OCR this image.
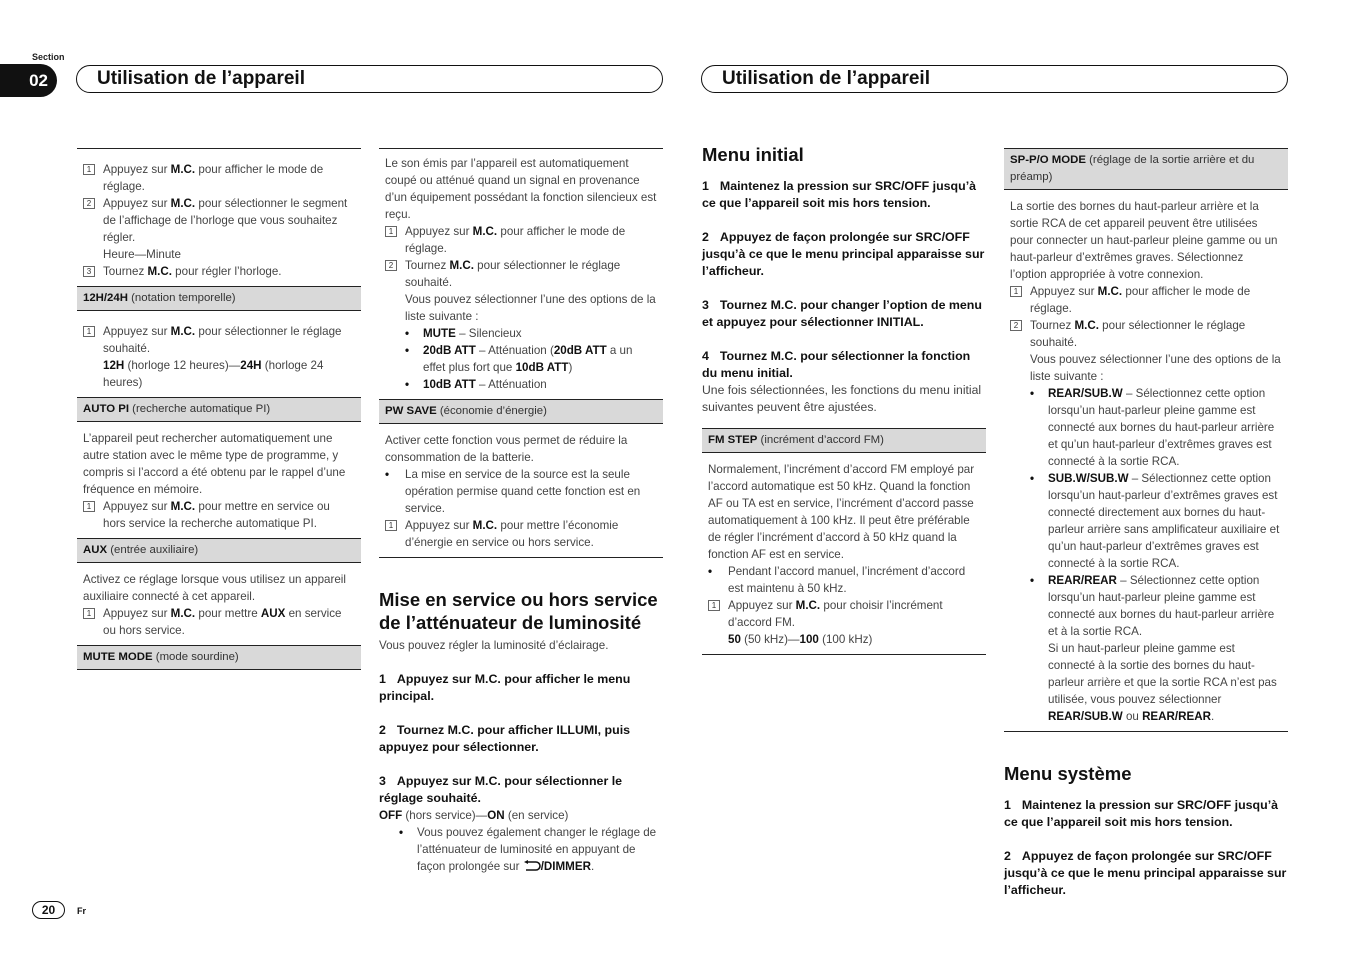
Section
02	Utilisation de l’appareil	Utilisation de l’appareil
1	Appuyez sur M.C. pour afficher le mode de réglage.
2	Appuyez sur M.C. pour sélectionner le segment de l’affichage de l’horloge que vous souhaitez régler.
Heure—Minute
3	Tournez M.C. pour régler l’horloge.
12H/24H (notation temporelle)
1	Appuyez sur M.C. pour sélectionner le réglage souhaité.
12H (horloge 12 heures)—24H (horloge 24 heures)
AUTO PI (recherche automatique PI)
L’appareil peut rechercher automatiquement une autre station avec le même type de programme, y compris si l’accord a été obtenu par le rappel d’une fréquence en mémoire.
1	Appuyez sur M.C. pour mettre en service ou hors service la recherche automatique PI.
AUX (entrée auxiliaire)
Activez ce réglage lorsque vous utilisez un appareil auxiliaire connecté à cet appareil.
1	Appuyez sur M.C. pour mettre AUX en service ou hors service.
MUTE MODE (mode sourdine)
Le son émis par l’appareil est automatiquement coupé ou atténué quand un signal en provenance d’un équipement possédant la fonction silencieux est reçu.
1	Appuyez sur M.C. pour afficher le mode de réglage.
2	Tournez M.C. pour sélectionner le réglage souhaité.
Vous pouvez sélectionner l’une des options de la liste suivante :
•	MUTE – Silencieux
•	20dB ATT – Atténuation (20dB ATT a un effet plus fort que 10dB ATT)
•	10dB ATT – Atténuation
PW SAVE (économie d’énergie)
Activer cette fonction vous permet de réduire la consommation de la batterie.
•	La mise en service de la source est la seule opération permise quand cette fonction est en service.
1	Appuyez sur M.C. pour mettre l’économie d’énergie en service ou hors service.
Mise en service ou hors service de l’atténuateur de luminosité
Vous pouvez régler la luminosité d’éclairage.
1 Appuyez sur M.C. pour afficher le menu principal.
2 Tournez M.C. pour afficher ILLUMI, puis appuyez pour sélectionner.
3 Appuyez sur M.C. pour sélectionner le réglage souhaité.
OFF (hors service)—ON (en service)
•	Vous pouvez également changer le réglage de l’atténuateur de luminosité en appuyant de façon prolongée sur /DIMMER.
Menu initial
1 Maintenez la pression sur SRC/OFF jusqu’à ce que l’appareil soit mis hors tension.
2 Appuyez de façon prolongée sur SRC/OFF jusqu’à ce que le menu principal apparaisse sur l’afficheur.
3 Tournez M.C. pour changer l’option de menu et appuyez pour sélectionner INITIAL.
4 Tournez M.C. pour sélectionner la fonction du menu initial.
Une fois sélectionnées, les fonctions du menu initial suivantes peuvent être ajustées.
FM STEP (incrément d’accord FM)
Normalement, l’incrément d’accord FM employé par l’accord automatique est 50 kHz. Quand la fonction AF ou TA est en service, l’incrément d’accord passe automatiquement à 100 kHz. Il peut être préférable de régler l’incrément d’accord à 50 kHz quand la fonction AF est en service.
•	Pendant l’accord manuel, l’incrément d’accord est maintenu à 50 kHz.
1	Appuyez sur M.C. pour choisir l’incrément d’accord FM.
50 (50 kHz)—100 (100 kHz)
SP-P/O MODE (réglage de la sortie arrière et du préamp)
La sortie des bornes du haut-parleur arrière et la sortie RCA de cet appareil peuvent être utilisées pour connecter un haut-parleur pleine gamme ou un haut-parleur d’extrêmes graves. Sélectionnez l’option appropriée à votre connexion.
1	Appuyez sur M.C. pour afficher le mode de réglage.
2	Tournez M.C. pour sélectionner le réglage souhaité.
Vous pouvez sélectionner l’une des options de la liste suivante :
•	REAR/SUB.W – Sélectionnez cette option lorsqu’un haut-parleur pleine gamme est connecté aux bornes du haut-parleur arrière et qu’un haut-parleur d’extrêmes graves est connecté à la sortie RCA.
•	SUB.W/SUB.W – Sélectionnez cette option lorsqu’un haut-parleur d’extrêmes graves est connecté directement aux bornes du haut-parleur arrière sans amplificateur auxiliaire et qu’un haut-parleur d’extrêmes graves est connecté à la sortie RCA.
•	REAR/REAR – Sélectionnez cette option lorsqu’un haut-parleur pleine gamme est connecté aux bornes du haut-parleur arrière et à la sortie RCA.
Si un haut-parleur pleine gamme est connecté à la sortie des bornes du haut-parleur arrière et que la sortie RCA n’est pas utilisée, vous pouvez sélectionner REAR/SUB.W ou REAR/REAR.
Menu système
1 Maintenez la pression sur SRC/OFF jusqu’à ce que l’appareil soit mis hors tension.
2 Appuyez de façon prolongée sur SRC/OFF jusqu’à ce que le menu principal apparaisse sur l’afficheur.
20	Fr
